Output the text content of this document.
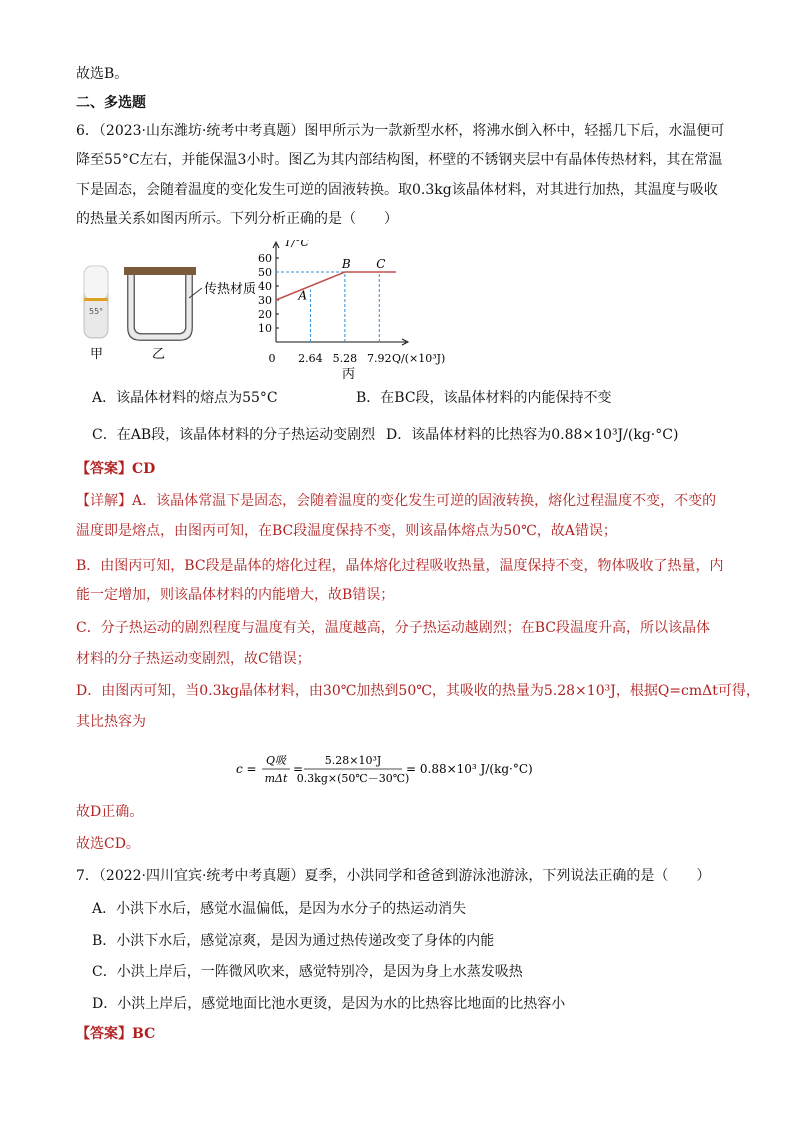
故选B。
二、多选题
6．（2023·山东潍坊·统考中考真题）图甲所示为一款新型水杯，将沸水倒入杯中，轻摇几下后，水温便可
降至55°C左右，并能保温3小时。图乙为其内部结构图，杯壁的不锈钢夹层中有晶体传热材料，其在常温
下是固态，会随着温度的变化发生可逆的固液转换。取0.3kg该晶体材料，对其进行加热，其温度与吸收
的热量关系如图丙所示。下列分析正确的是（　　）
55°
甲
传热材质
乙
T/°C
Q/(×10³J)
10
20
30
40
50
60
0 2.64 5.28 7.92
A
B C
丙
A．该晶体材料的熔点为55°C	B．在BC段，该晶体材料的内能保持不变
C．在AB段，该晶体材料的分子热运动变剧烈 D．该晶体材料的比热容为0.88×10³J/(kg·°C)
【答案】CD
【详解】A．该晶体常温下是固态，会随着温度的变化发生可逆的固液转换，熔化过程温度不变，不变的
温度即是熔点，由图丙可知，在BC段温度保持不变，则该晶体熔点为50℃，故A错误；
B．由图丙可知，BC段是晶体的熔化过程，晶体熔化过程吸收热量，温度保持不变，物体吸收了热量，内
能一定增加，则该晶体材料的内能增大，故B错误；
C．分子热运动的剧烈程度与温度有关，温度越高，分子热运动越剧烈；在BC段温度升高，所以该晶体
材料的分子热运动变剧烈，故C错误；
D．由图丙可知，当0.3kg晶体材料，由30℃加热到50℃，其吸收的热量为5.28×10³J，根据Q=cmΔt可得，
其比热容为
c =
Q吸
mΔt
=
5.28×10³J
0.3kg×(50℃－30℃)
= 0.88×10³ J/(kg·°C)
故D正确。
故选CD。
7．（2022·四川宜宾·统考中考真题）夏季，小洪同学和爸爸到游泳池游泳，下列说法正确的是（　　）
A．小洪下水后，感觉水温偏低，是因为水分子的热运动消失
B．小洪下水后，感觉凉爽，是因为通过热传递改变了身体的内能
C．小洪上岸后，一阵微风吹来，感觉特别冷，是因为身上水蒸发吸热
D．小洪上岸后，感觉地面比池水更烫，是因为水的比热容比地面的比热容小
【答案】BC
